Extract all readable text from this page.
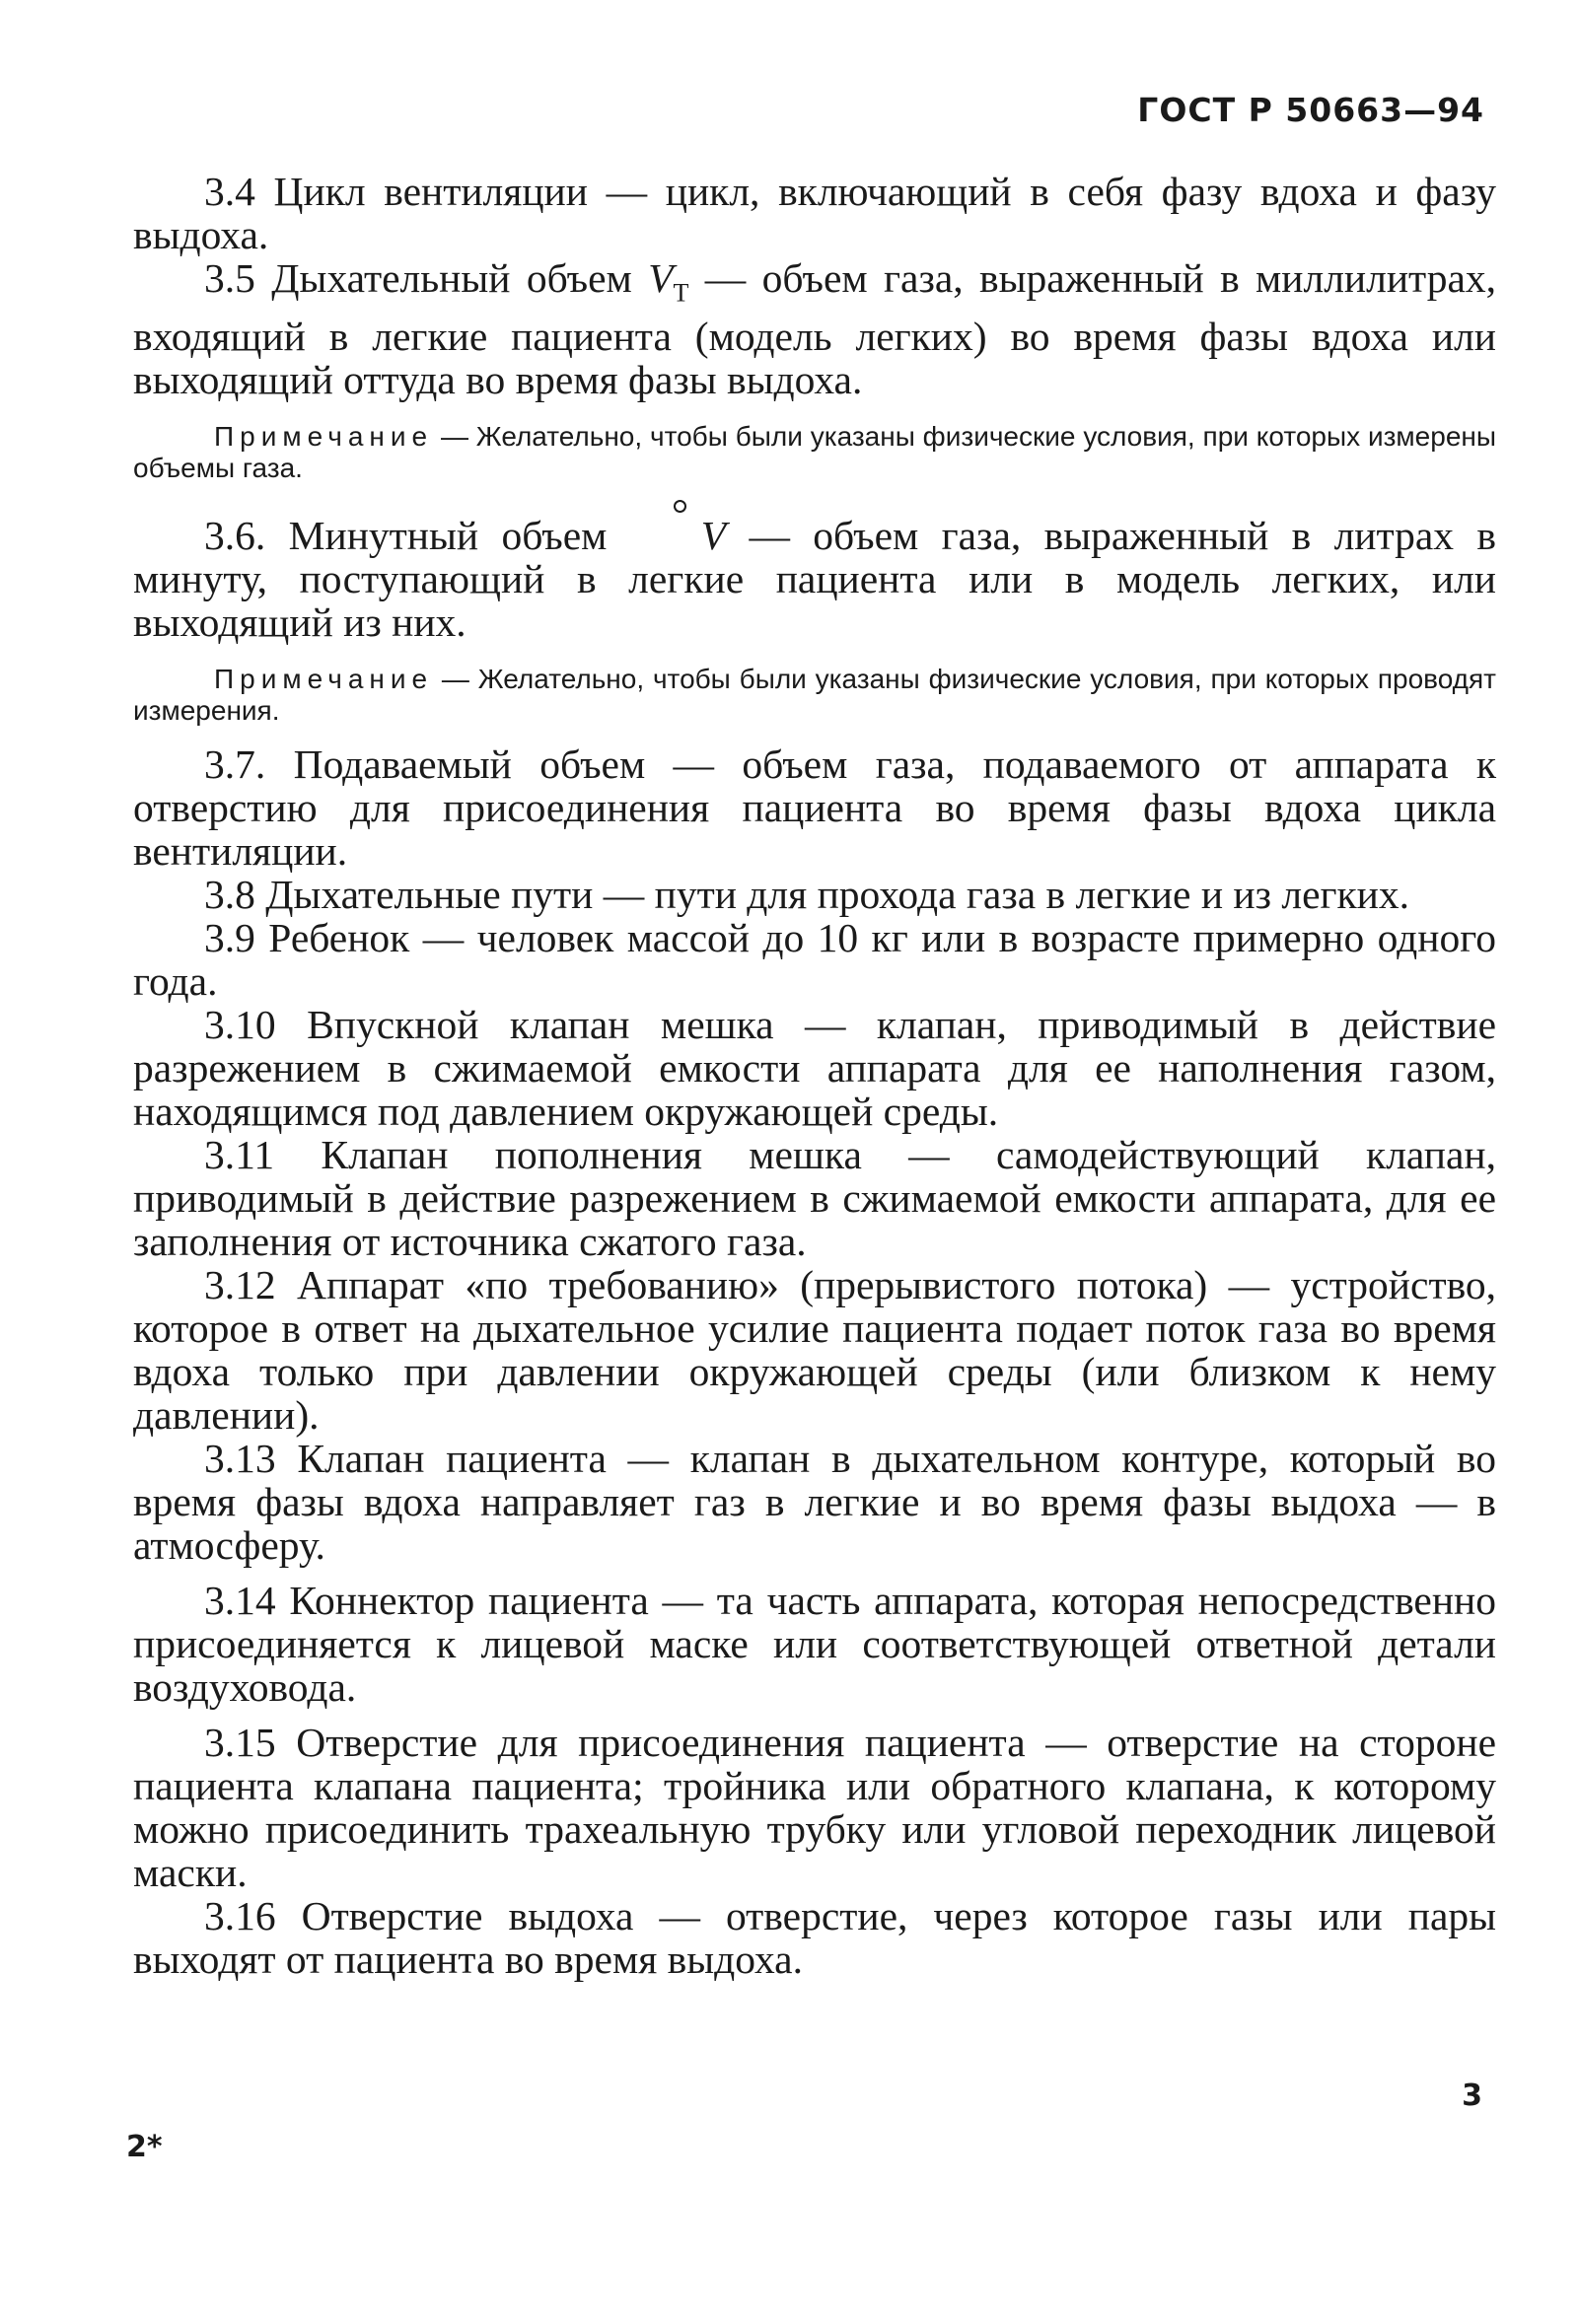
ГОСТ Р 50663—94

3.4 Цикл вентиляции — цикл, включающий в себя фазу вдоха и фазу выдоха.

3.5 Дыхательный объем $V_T$ — объем газа, выраженный в миллилитрах, входящий в легкие пациента (модель легких) во время фазы вдоха или выходящий оттуда во время фазы выдоха.

Примечание — Желательно, чтобы были указаны физические условия, при которых измерены объемы газа.

3.6. Минутный объем V — объем газа, выраженный в литрах в минуту, поступающий в легкие пациента или в модель легких, или выходящий из них.

Примечание — Желательно, чтобы были указаны физические условия, при которых проводят измерения.

3.7. Подаваемый объем — объем газа, подаваемого от аппарата к отверстию для присоединения пациента во время фазы вдоха цикла вентиляции.

3.8 Дыхательные пути — пути для прохода газа в легкие и из легких.

3.9 Ребенок — человек массой до 10 кг или в возрасте примерно одного года.

3.10 Впускной клапан мешка — клапан, приводимый в действие разрежением в сжимаемой емкости аппарата для ее наполнения газом, находящимся под давлением окружающей среды.

3.11 Клапан пополнения мешка — самодействующий клапан, приводимый в действие разрежением в сжимаемой емкости аппарата, для ее заполнения от источника сжатого газа.

3.12 Аппарат «по требованию» (прерывистого потока) — устройство, которое в ответ на дыхательное усилие пациента подает поток газа во время вдоха только при давлении окружающей среды (или близком к нему давлении).

3.13 Клапан пациента — клапан в дыхательном контуре, который во время фазы вдоха направляет газ в легкие и во время фазы выдоха — в атмосферу.

3.14 Коннектор пациента — та часть аппарата, которая непосредственно присоединяется к лицевой маске или соответствующей ответной детали воздуховода.

3.15 Отверстие для присоединения пациента — отверстие на стороне пациента клапана пациента; тройника или обратного клапана, к которому можно присоединить трахеальную трубку или угловой переходник лицевой маски.

3.16 Отверстие выдоха — отверстие, через которое газы или пары выходят от пациента во время выдоха.

3
2*
